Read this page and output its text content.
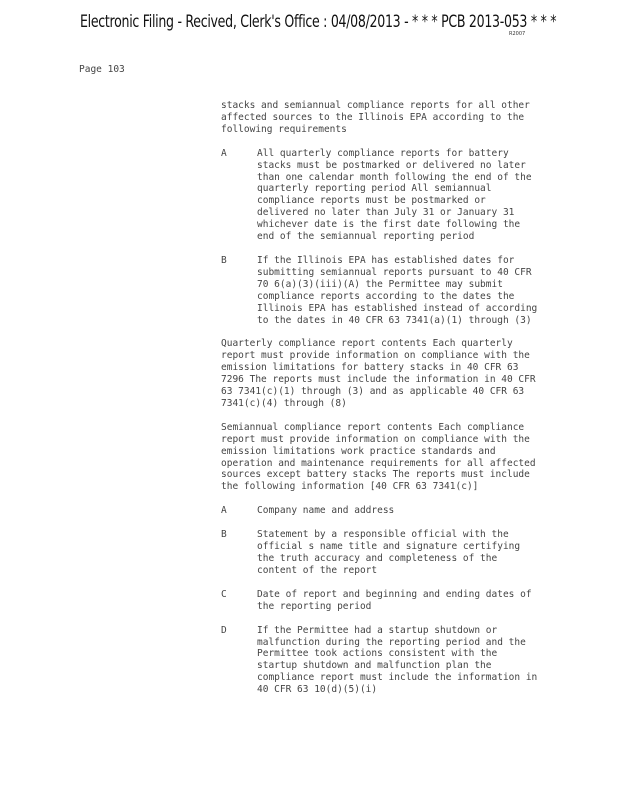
Electronic Filing - Recived, Clerk's Office : 04/08/2013 - * * * PCB 2013-053 * * *
R2007
Page 103

stacks and semiannual compliance reports for all other affected sources to the Illinois EPA according to the following requirements

A	All quarterly compliance reports for battery stacks must be postmarked or delivered no later than one calendar month following the end of the quarterly reporting period All semiannual compliance reports must be postmarked or delivered no later than July 31 or January 31 whichever date is the first date following the end of the semiannual reporting period
B	If the Illinois EPA has established dates for submitting semiannual reports pursuant to 40 CFR 70 6(a)(3)(iii)(A) the Permittee may submit compliance reports according to the dates the Illinois EPA has established instead of according to the dates in 40 CFR 63 7341(a)(1) through (3)

Quarterly compliance report contents Each quarterly report must provide information on compliance with the emission limitations for battery stacks in 40 CFR 63 7296 The reports must include the information in 40 CFR 63 7341(c)(1) through (3) and as applicable 40 CFR 63 7341(c)(4) through (8)

Semiannual compliance report contents Each compliance report must provide information on compliance with the emission limitations work practice standards and operation and maintenance requirements for all affected sources except battery stacks The reports must include the following information [40 CFR 63 7341(c)]

A	Company name and address
B	Statement by a responsible official with the official s name title and signature certifying the truth accuracy and completeness of the content of the report
C	Date of report and beginning and ending dates of the reporting period
D	If the Permittee had a startup shutdown or malfunction during the reporting period and the Permittee took actions consistent with the startup shutdown and malfunction plan the compliance report must include the information in 40 CFR 63 10(d)(5)(i)
